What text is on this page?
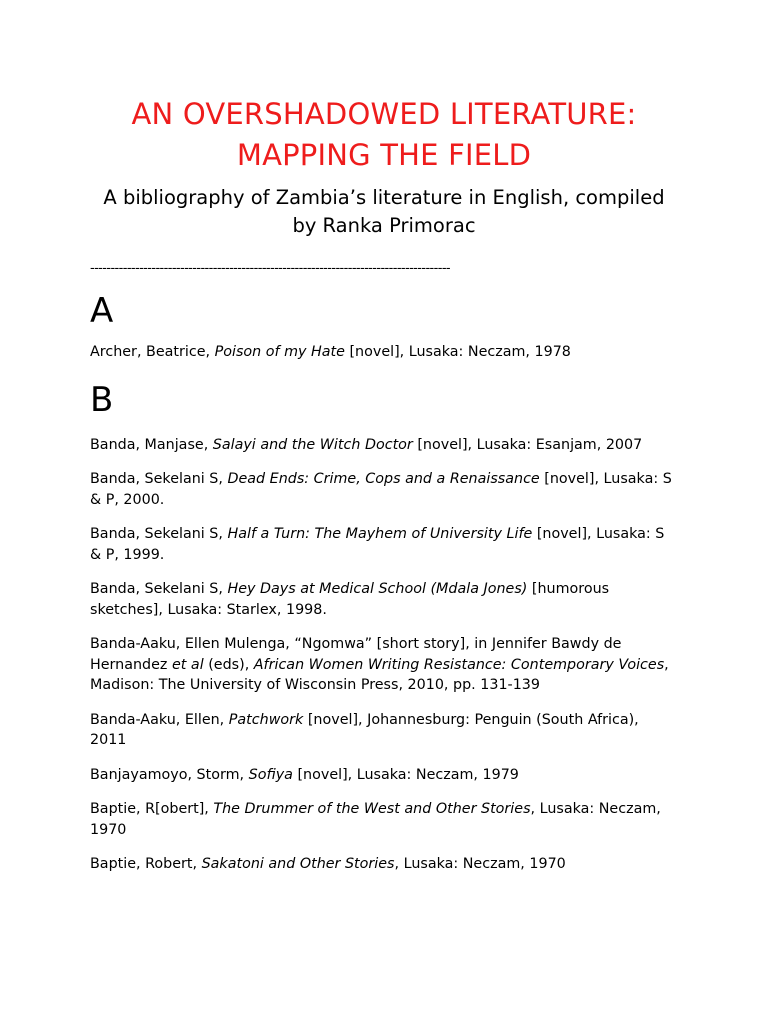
AN OVERSHADOWED LITERATURE:
MAPPING THE FIELD

A bibliography of Zambia’s literature in English, compiled
by Ranka Primorac

----------------------------------------------------------------------------------------
A
Archer, Beatrice, Poison of my Hate [novel], Lusaka: Neczam, 1978
B
Banda, Manjase, Salayi and the Witch Doctor [novel], Lusaka: Esanjam, 2007
Banda, Sekelani S, Dead Ends: Crime, Cops and a Renaissance [novel], Lusaka: S & P, 2000.
Banda, Sekelani S, Half a Turn: The Mayhem of University Life [novel], Lusaka: S & P, 1999.
Banda, Sekelani S, Hey Days at Medical School (Mdala Jones) [humorous sketches], Lusaka: Starlex, 1998.
Banda-Aaku, Ellen Mulenga, “Ngomwa” [short story], in Jennifer Bawdy de Hernandez et al (eds), African Women Writing Resistance: Contemporary Voices, Madison: The University of Wisconsin Press, 2010, pp. 131-139
Banda-Aaku, Ellen, Patchwork [novel], Johannesburg: Penguin (South Africa), 2011
Banjayamoyo, Storm, Sofiya [novel], Lusaka: Neczam, 1979
Baptie, R[obert], The Drummer of the West and Other Stories, Lusaka: Neczam, 1970
Baptie, Robert, Sakatoni and Other Stories, Lusaka: Neczam, 1970
